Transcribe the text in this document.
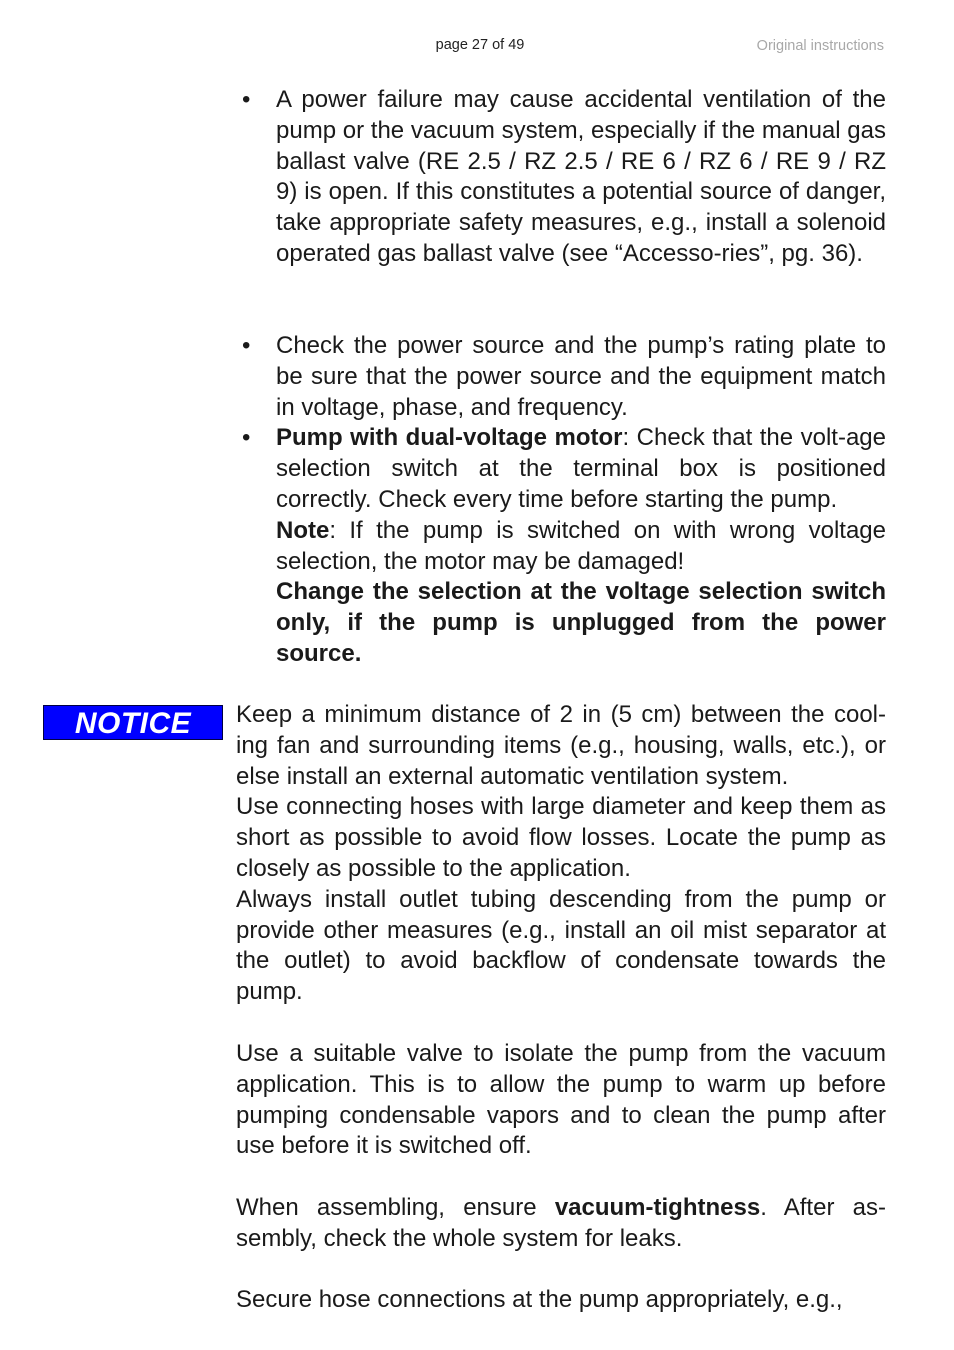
page 27 of 49	Original instructions
• A power failure may cause accidental ventilation of the pump or the vacuum system, especially if the manual gas ballast valve (RE 2.5 / RZ 2.5 / RE 6 / RZ 6 / RE 9 / RZ 9) is open. If this constitutes a potential source of danger, take appropriate safety measures, e.g., install a solenoid operated gas ballast valve (see “Accesso-ries”, pg. 36).

• Check the power source and the pump’s rating plate to be sure that the power source and the equipment match in voltage, phase, and frequency.

• Pump with dual-voltage motor: Check that the volt-age selection switch at the terminal box is positioned correctly. Check every time before starting the pump.

Note: If the pump is switched on with wrong voltage selection, the motor may be damaged!

Change the selection at the voltage selection switch only, if the pump is unplugged from the power source.

NOTICE	Keep a minimum distance of 2 in (5 cm) between the cool-ing fan and surrounding items (e.g., housing, walls, etc.), or else install an external automatic ventilation system.

Use connecting hoses with large diameter and keep them as short as possible to avoid flow losses. Locate the pump as closely as possible to the application.

Always install outlet tubing descending from the pump or provide other measures (e.g., install an oil mist separator at the outlet) to avoid backflow of condensate towards the pump.

Use a suitable valve to isolate the pump from the vacuum application. This is to allow the pump to warm up before pumping condensable vapors and to clean the pump after use before it is switched off.

When assembling, ensure vacuum-tightness. After as-sembly, check the whole system for leaks.

Secure hose connections at the pump appropriately, e.g.,
